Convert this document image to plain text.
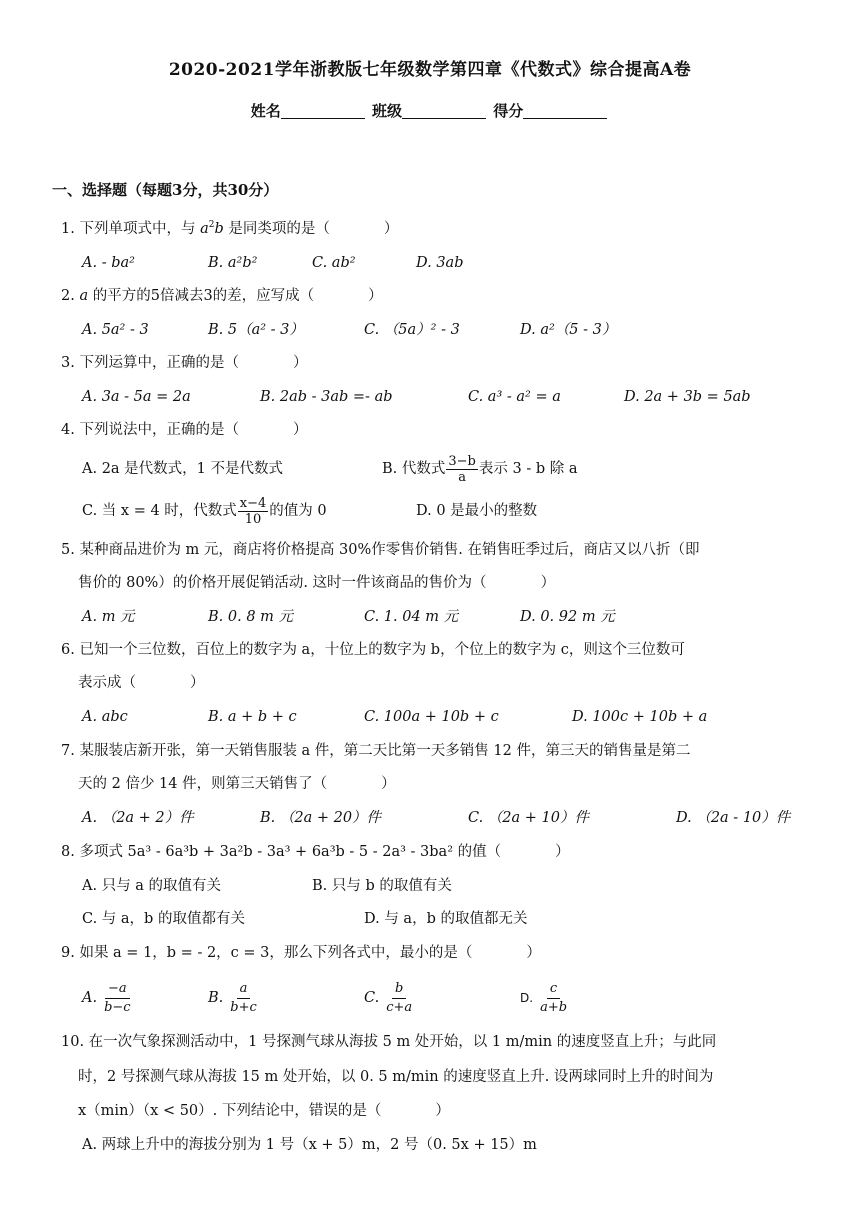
2020-2021学年浙教版七年级数学第四章《代数式》综合提高A卷
姓名	班级	得分
一、选择题（每题3分，共30分）
1. 下列单项式中，与 $a^2b$ 是同类项的是（	）
A. - ba²	B. a²b²	C. ab²	D. 3ab
2. a 的平方的5倍减去3的差，应写成（	）
A. 5a² - 3	B. 5（a² - 3）	C. （5a）² - 3	D. a²（5 - 3）
3. 下列运算中，正确的是（	）
A. 3a - 5a = 2a	B. 2ab - 3ab =- ab	C. a³ - a² = a	D. 2a + 3b = 5ab
4. 下列说法中，正确的是（	）
A. 2a 是代数式，1 不是代数式	B. 代数式 $\frac{3-b}{a}$ 表示 3 - b 除 a
C. 当 x = 4 时，代数式 $\frac{x-4}{10}$ 的值为 0	D. 0 是最小的整数
5. 某种商品进价为 m 元，商店将价格提高 30%作零售价销售. 在销售旺季过后，商店又以八折（即
售价的 80%）的价格开展促销活动. 这时一件该商品的售价为（	）
A. m 元	B. 0. 8 m 元	C. 1. 04 m 元	D. 0. 92 m 元
6. 已知一个三位数，百位上的数字为 a，十位上的数字为 b，个位上的数字为 c，则这个三位数可
表示成（	）
A. abc	B. a + b + c	C. 100a + 10b + c	D. 100c + 10b + a
7. 某服装店新开张，第一天销售服装 a 件，第二天比第一天多销售 12 件，第三天的销售量是第二
天的 2 倍少 14 件，则第三天销售了（	）
A. （2a + 2）件	B. （2a + 20）件	C. （2a + 10）件	D. （2a - 10）件
8. 多项式 5a³ - 6a³b + 3a²b - 3a³ + 6a³b - 5 - 2a³ - 3ba² 的值（	）
A. 只与 a 的取值有关	B. 只与 b 的取值有关
C. 与 a，b 的取值都有关	D. 与 a，b 的取值都无关
9. 如果 a = 1，b = - 2，c = 3，那么下列各式中，最小的是（	）
A. $\frac{-a}{b-c}$	B. $\frac{a}{b+c}$	C. $\frac{b}{c+a}$	D. $\frac{c}{a+b}$
10. 在一次气象探测活动中，1 号探测气球从海拔 5 m 处开始，以 1 m/min 的速度竖直上升；与此同
时，2 号探测气球从海拔 15 m 处开始，以 0. 5 m/min 的速度竖直上升. 设两球同时上升的时间为
x（min）（x < 50）. 下列结论中，错误的是（	）
A. 两球上升中的海拔分别为 1 号（x + 5）m，2 号（0. 5x + 15）m
